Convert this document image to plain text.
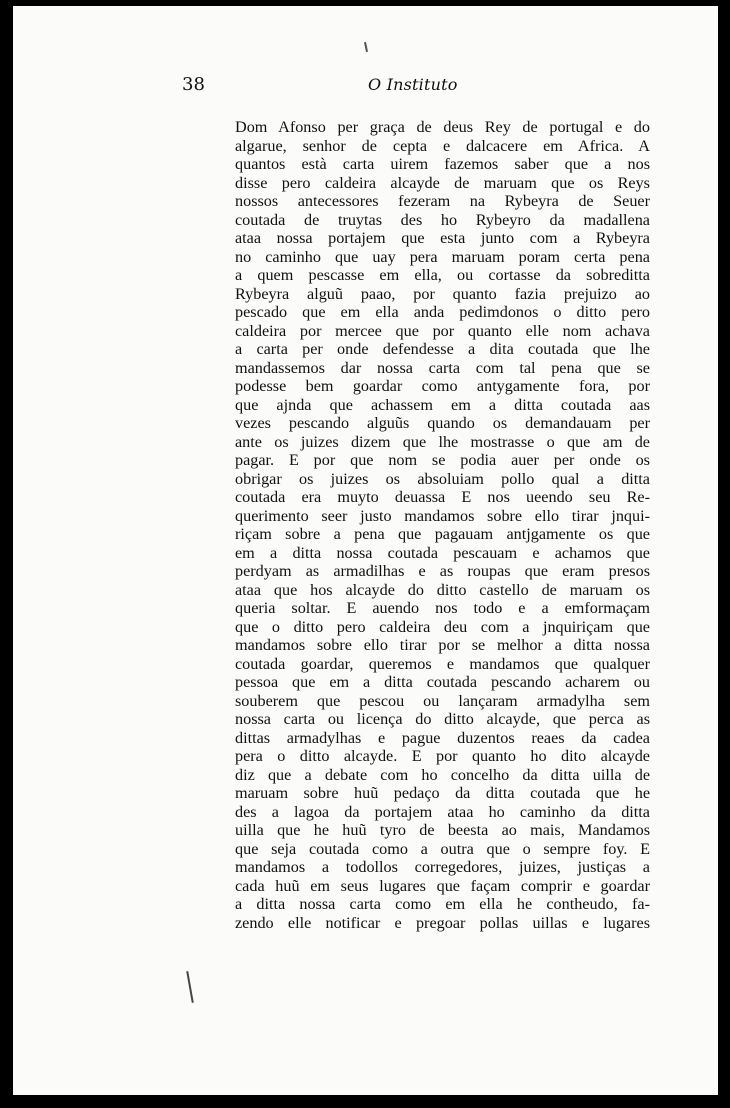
38	O Instituto
Dom Afonso per graça de deus Rey de portugal e do
algarue, senhor de cepta e dalcacere em Africa. A
quantos està carta uirem fazemos saber que a nos
disse pero caldeira alcayde de maruam que os Reys
nossos antecessores fezeram na Rybeyra de Seuer
coutada de truytas des ho Rybeyro da madallena
ataa nossa portajem que esta junto com a Rybeyra
no caminho que uay pera maruam poram certa pena
a quem pescasse em ella, ou cortasse da sobreditta
Rybeyra alguũ paao, por quanto fazia prejuizo ao
pescado que em ella anda pedimdonos o ditto pero
caldeira por mercee que por quanto elle nom achava
a carta per onde defendesse a dita coutada que lhe
mandassemos dar nossa carta com tal pena que se
podesse bem goardar como antygamente fora, por
que ajnda que achassem em a ditta coutada aas
vezes pescando alguũs quando os demandauam per
ante os juizes dizem que lhe mostrasse o que am de
pagar. E por que nom se podia auer per onde os
obrigar os juizes os absoluiam pollo qual a ditta
coutada era muyto deuassa E nos ueendo seu Re-
querimento seer justo mandamos sobre ello tirar jnqui-
riçam sobre a pena que pagauam antjgamente os que
em a ditta nossa coutada pescauam e achamos que
perdyam as armadilhas e as roupas que eram presos
ataa que hos alcayde do ditto castello de maruam os
queria soltar. E auendo nos todo e a emformaçam
que o ditto pero caldeira deu com a jnquiriçam que
mandamos sobre ello tirar por se melhor a ditta nossa
coutada goardar, queremos e mandamos que qualquer
pessoa que em a ditta coutada pescando acharem ou
souberem que pescou ou lançaram armadylha sem
nossa carta ou licença do ditto alcayde, que perca as
dittas armadylhas e pague duzentos reaes da cadea
pera o ditto alcayde. E por quanto ho dito alcayde
diz que a debate com ho concelho da ditta uilla de
maruam sobre huũ pedaço da ditta coutada que he
des a lagoa da portajem ataa ho caminho da ditta
uilla que he huũ tyro de beesta ao mais, Mandamos
que seja coutada como a outra que o sempre foy. E
mandamos a todollos corregedores, juizes, justiças a
cada huũ em seus lugares que façam comprir e goardar
a ditta nossa carta como em ella he contheudo, fa-
zendo elle notificar e pregoar pollas uillas e lugares
